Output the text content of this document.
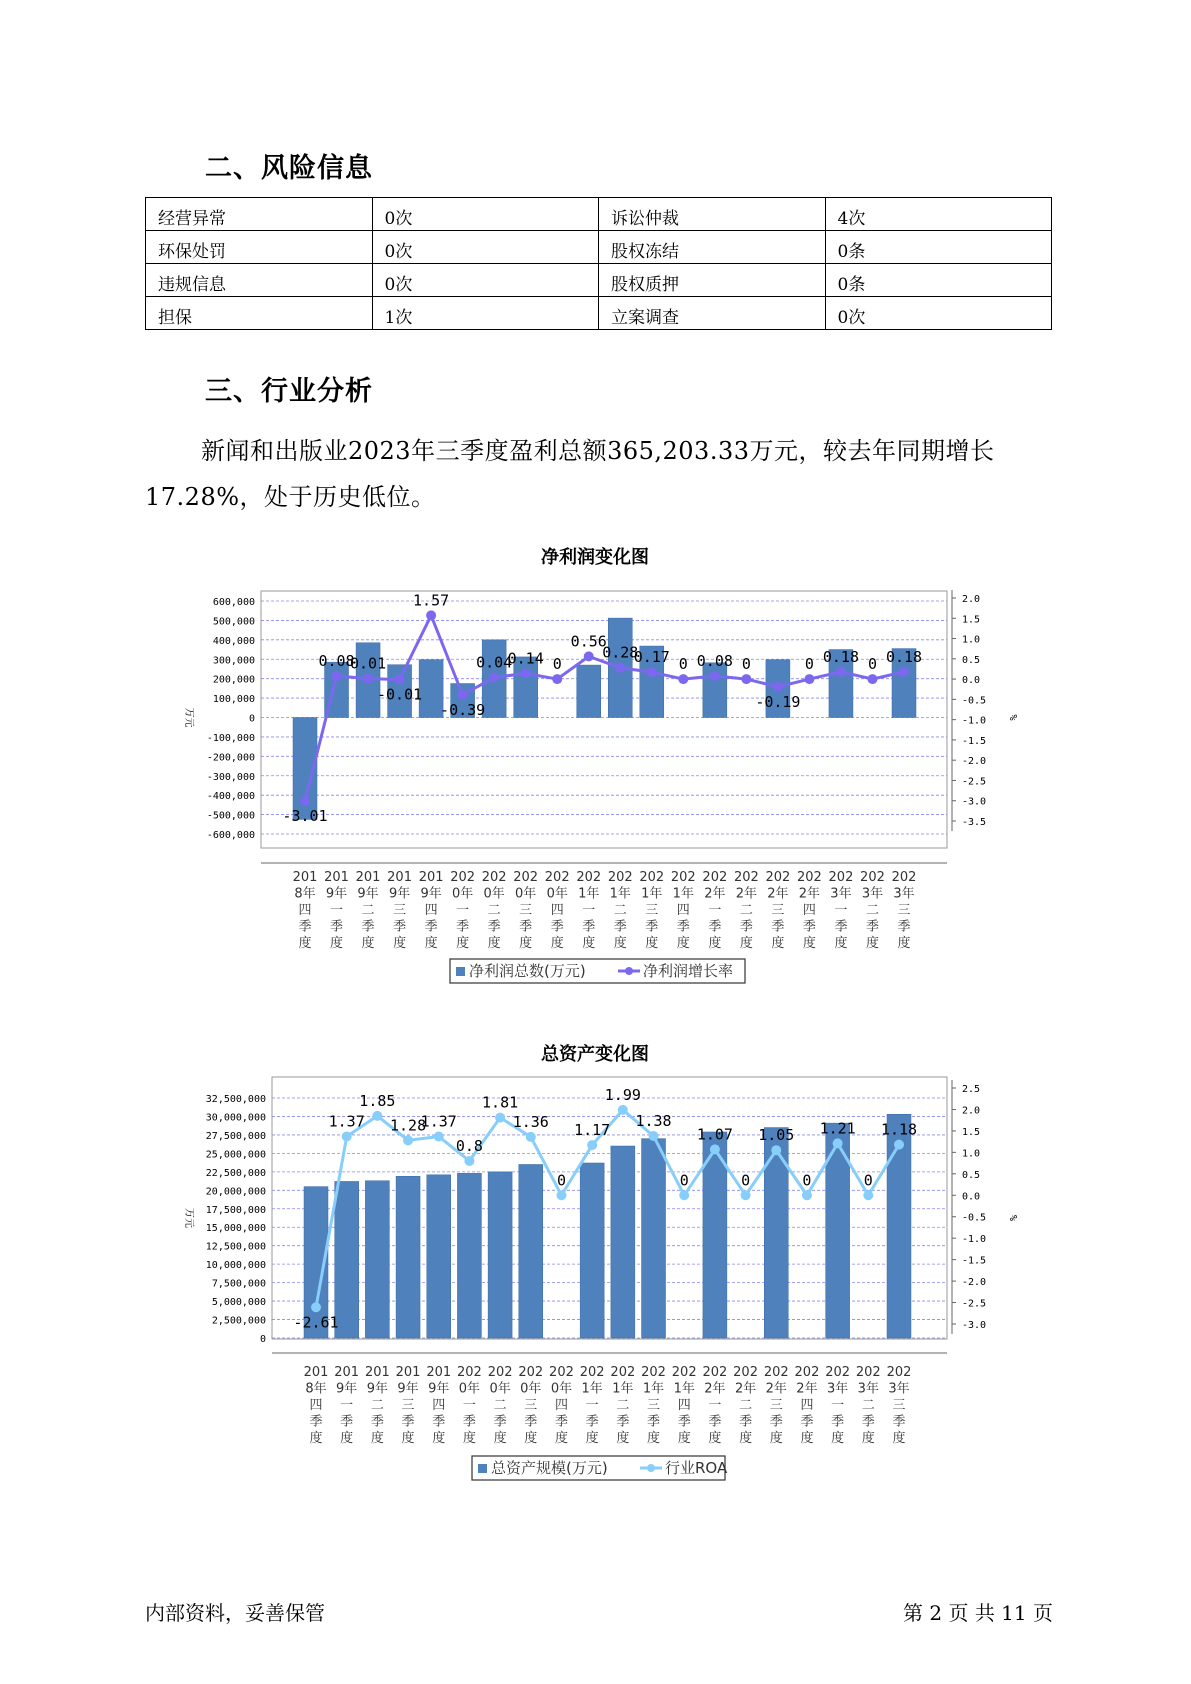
二、风险信息
经营异常	0次	诉讼仲裁	4次
环保处罚	0次	股权冻结	0条
违规信息	0次	股权质押	0条
担保	1次	立案调查	0次
三、行业分析

新闻和出版业2023年三季度盈利总额365,203.33万元，较去年同期增长17.28%，处于历史低位。

净利润变化图
600,000
500,000
400,000
300,000
200,000
100,000
0
-100,000
-200,000
-300,000
-400,000
-500,000
-600,000
2.0
1.5
1.0
0.5
0.0
-0.5
-1.0
-1.5
-2.0
-2.5
-3.0
-3.5
万元	%
-3.01
0.08
0.01
-0.01
1.57
-0.39
0.04
0.14 0
0.56
0.28
0.17 0 0.08 0
-0.19
0 0.18 0 0.18
201
8年
四
季
度
201
9年
一
季
度
201
9年
二
季
度
201
9年
三
季
度
201
9年
四
季
度
202
0年
一
季
度
202
0年
二
季
度
202
0年
三
季
度
202
0年
四
季
度
202
1年
一
季
度
202
1年
二
季
度
202
1年
三
季
度
202
1年
四
季
度
202
2年
一
季
度
202
2年
二
季
度
202
2年
三
季
度
202
2年
四
季
度
202
3年
一
季
度
202
3年
二
季
度
202
3年
三
季
度
净利润总数(万元)	净利润增长率
总资产变化图
32,500,000
30,000,000
27,500,000
25,000,000
22,500,000
20,000,000
17,500,000
15,000,000
12,500,000
10,000,000
7,500,000
5,000,000
2,500,000
0
2.5
2.0
1.5
1.0
0.5
0.0
-0.5
-1.0
-1.5
-2.0
-2.5
-3.0
万元	%
-2.61
1.37
1.85
1.28
1.37
0.8
1.81
1.36
0
1.17
1.99
1.38
0
1.07
0
1.05
0
1.21
0
1.18
201
8年
四
季
度
201
9年
一
季
度
201
9年
二
季
度
201
9年
三
季
度
201
9年
四
季
度
202
0年
一
季
度
202
0年
二
季
度
202
0年
三
季
度
202
0年
四
季
度
202
1年
一
季
度
202
1年
二
季
度
202
1年
三
季
度
202
1年
四
季
度
202
2年
一
季
度
202
2年
二
季
度
202
2年
三
季
度
202
2年
四
季
度
202
3年
一
季
度
202
3年
二
季
度
202
3年
三
季
度
总资产规模(万元)	行业ROA
内部资料，妥善保管	第 2 页 共 11 页
